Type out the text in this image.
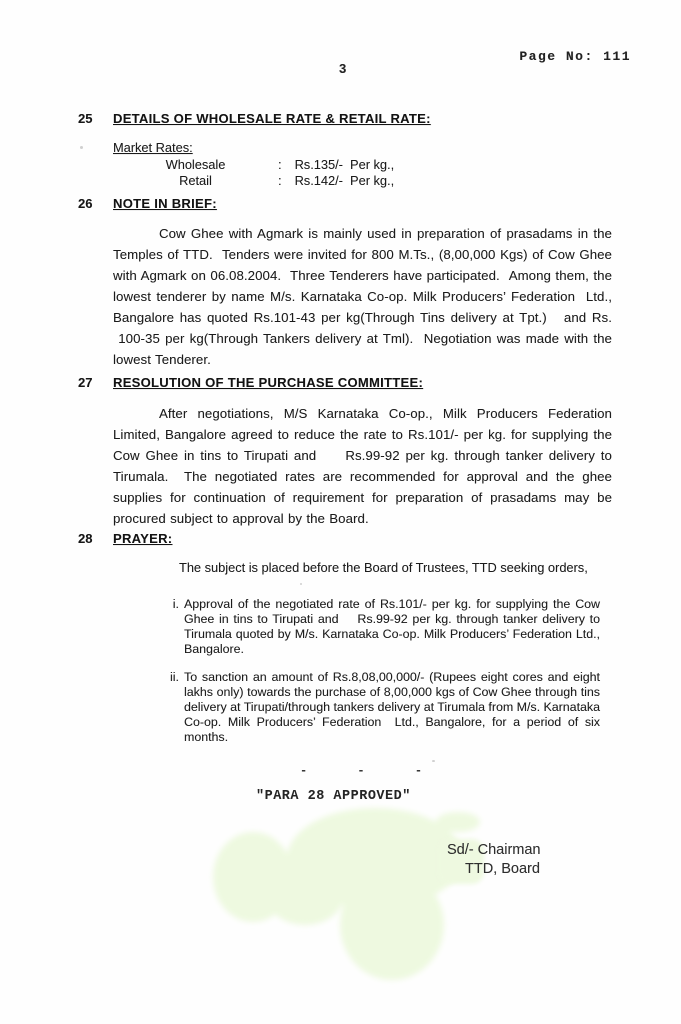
Page No: 111
3
25	DETAILS OF WHOLESALE RATE & RETAIL RATE:
Market Rates:
Wholesale	: Rs.135/-  Per kg.,
Retail	: Rs.142/-  Per kg.,
26	NOTE IN BRIEF:
Cow Ghee with Agmark is mainly used in preparation of prasadams in the Temples of TTD.  Tenders were invited for 800 M.Ts., (8,00,000 Kgs) of Cow Ghee with Agmark on 06.08.2004.  Three Tenderers have participated.  Among them, the lowest tenderer by name M/s. Karnataka Co-op. Milk Producers’ Federation  Ltd., Bangalore has quoted Rs.101-43 per kg(Through Tins delivery at Tpt.)   and Rs.  100-35 per kg(Through Tankers delivery at Tml).  Negotiation was made with the lowest Tenderer.
27	RESOLUTION OF THE PURCHASE COMMITTEE:
After negotiations, M/S Karnataka Co-op., Milk Producers Federation Limited, Bangalore agreed to reduce the rate to Rs.101/- per kg. for supplying the Cow Ghee in tins to Tirupati and     Rs.99-92 per kg. through tanker delivery to Tirumala.  The negotiated rates are recommended for approval and the ghee supplies for continuation of requirement for preparation of prasadams may be procured subject to approval by the Board.
28	PRAYER:
The subject is placed before the Board of Trustees, TTD seeking orders,
i. Approval of the negotiated rate of Rs.101/- per kg. for supplying the Cow Ghee in tins to Tirupati and    Rs.99-92 per kg. through tanker delivery to Tirumala quoted by M/s. Karnataka Co-op. Milk Producers’ Federation Ltd., Bangalore.
ii. To sanction an amount of Rs.8,08,00,000/- (Rupees eight cores and eight lakhs only) towards the purchase of 8,00,000 kgs of Cow Ghee through tins delivery at Tirupati/through tankers delivery at Tirumala from M/s. Karnataka Co-op. Milk Producers’ Federation  Ltd., Bangalore, for a period of six months.
-      -      -
"PARA 28 APPROVED"
Sd/- Chairman
TTD, Board
